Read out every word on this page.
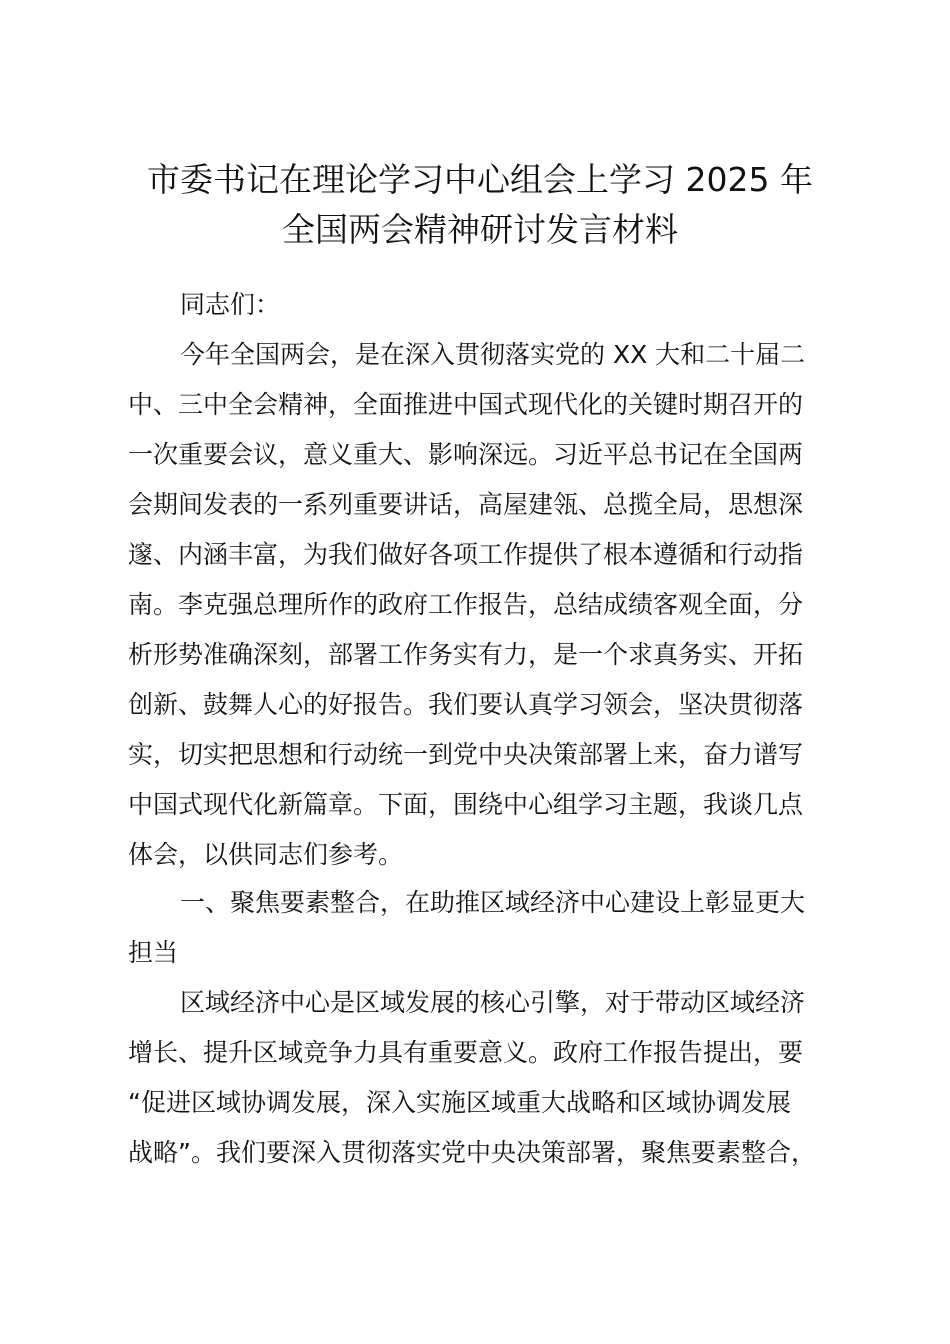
市委书记在理论学习中心组会上学习 2025 年
全国两会精神研讨发言材料
同志们：
今年全国两会，是在深入贯彻落实党的 XX 大和二十届二
中、三中全会精神，全面推进中国式现代化的关键时期召开的
一次重要会议，意义重大、影响深远。习近平总书记在全国两
会期间发表的一系列重要讲话，高屋建瓴、总揽全局，思想深
邃、内涵丰富，为我们做好各项工作提供了根本遵循和行动指
南。李克强总理所作的政府工作报告，总结成绩客观全面，分
析形势准确深刻，部署工作务实有力，是一个求真务实、开拓
创新、鼓舞人心的好报告。我们要认真学习领会，坚决贯彻落
实，切实把思想和行动统一到党中央决策部署上来，奋力谱写
中国式现代化新篇章。下面，围绕中心组学习主题，我谈几点
体会，以供同志们参考。
一、聚焦要素整合，在助推区域经济中心建设上彰显更大
担当
区域经济中心是区域发展的核心引擎，对于带动区域经济
增长、提升区域竞争力具有重要意义。政府工作报告提出，要
“促进区域协调发展，深入实施区域重大战略和区域协调发展
战略”。我们要深入贯彻落实党中央决策部署，聚焦要素整合，
